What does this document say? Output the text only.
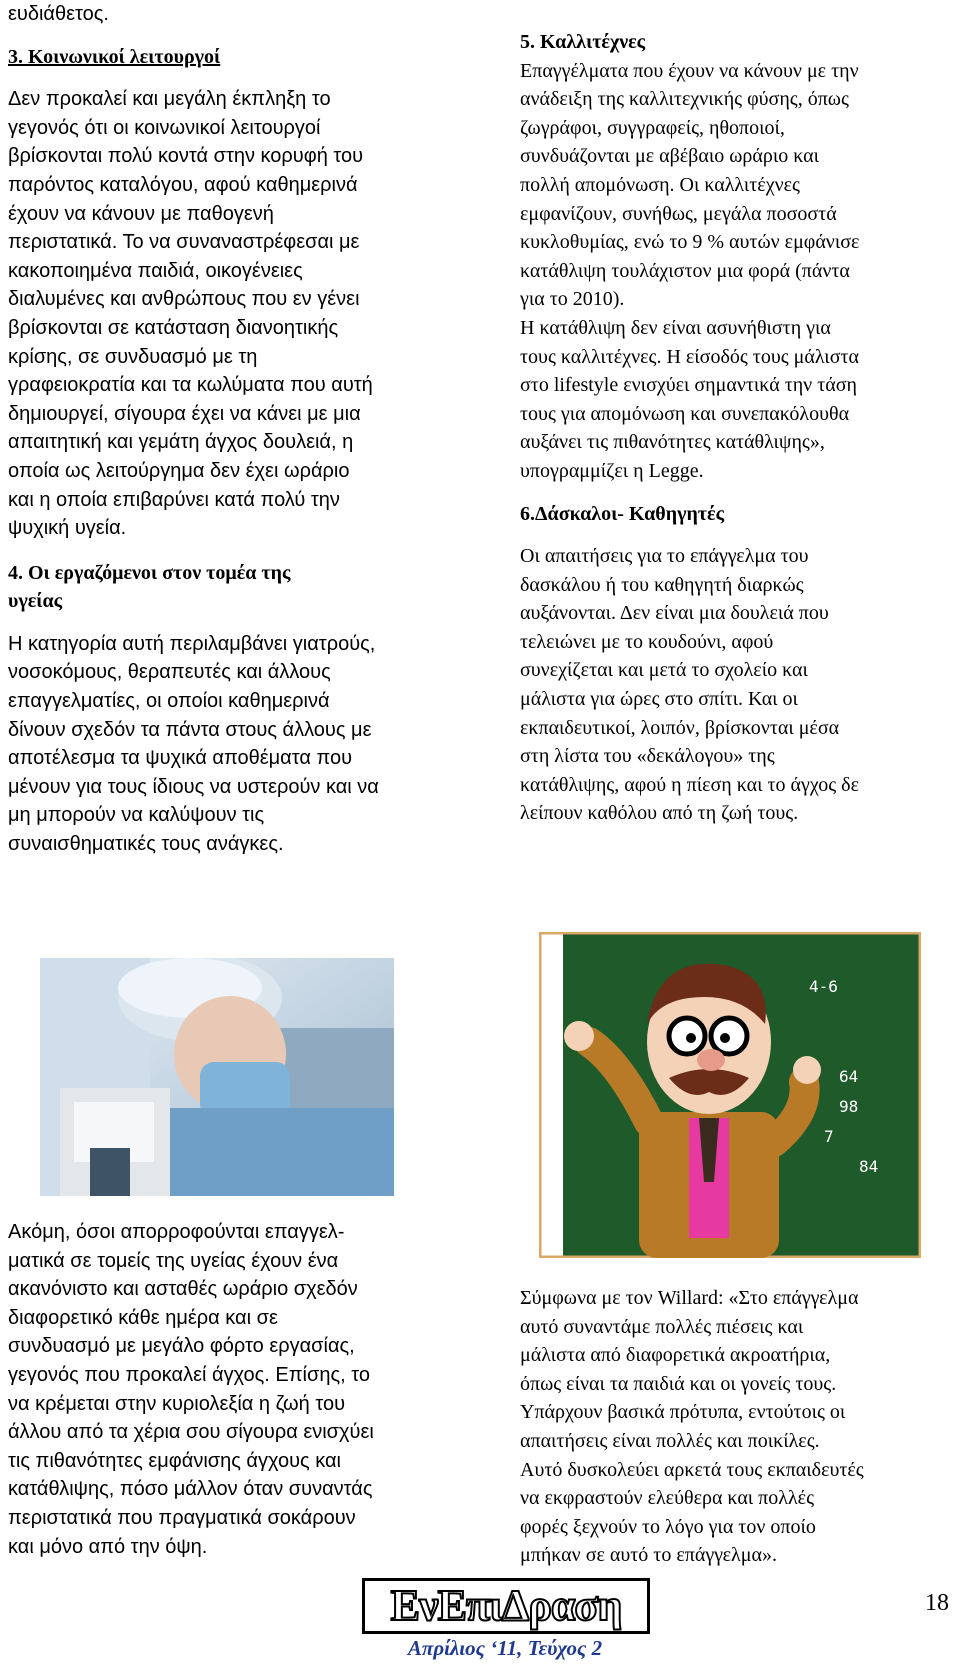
ευδιάθετος.

3. Κοινωνικοί λειτουργοί

Δεν προκαλεί και μεγάλη έκπληξη το

γεγονός ότι οι κοινωνικοί λειτουργοί

βρίσκονται πολύ κοντά στην κορυφή του

παρόντος καταλόγου, αφού καθημερινά

έχουν να κάνουν με παθογενή

περιστατικά. Το να συναναστρέφεσαι με

κακοποιημένα παιδιά, οικογένειες

διαλυμένες και ανθρώπους που εν γένει

βρίσκονται σε κατάσταση διανοητικής

κρίσης, σε συνδυασμό με τη

γραφειοκρατία και τα κωλύματα που αυτή

δημιουργεί, σίγουρα έχει να κάνει με μια

απαιτητική και γεμάτη άγχος δουλειά, η

οποία ως λειτούργημα δεν έχει ωράριο

και η οποία επιβαρύνει κατά πολύ την

ψυχική υγεία.

4. Οι εργαζόμενοι στον τομέα της

υγείας

Η κατηγορία αυτή περιλαμβάνει γιατρούς,

νοσοκόμους, θεραπευτές και άλλους

επαγγελματίες, οι οποίοι καθημερινά

δίνουν σχεδόν τα πάντα στους άλλους με

αποτέλεσμα τα ψυχικά αποθέματα που

μένουν για τους ίδιους να υστερούν και να

μη μπορούν να καλύψουν τις

συναισθηματικές τους ανάγκες.

5. Καλλιτέχνες

Επαγγέλματα που έχουν να κάνουν με την

ανάδειξη της καλλιτεχνικής φύσης, όπως

ζωγράφοι, συγγραφείς, ηθοποιοί,

συνδυάζονται με αβέβαιο ωράριο και

πολλή απομόνωση. Οι καλλιτέχνες

εμφανίζουν, συνήθως, μεγάλα ποσοστά

κυκλοθυμίας, ενώ το 9 % αυτών εμφάνισε

κατάθλιψη τουλάχιστον μια φορά (πάντα

για το 2010).

Η κατάθλιψη δεν είναι ασυνήθιστη για

τους καλλιτέχνες. Η είσοδός τους μάλιστα

στο lifestyle ενισχύει σημαντικά την τάση

τους για απομόνωση και συνεπακόλουθα

αυξάνει τις πιθανότητες κατάθλιψης»,

υπογραμμίζει η Legge.

6.Δάσκαλοι- Καθηγητές

Οι απαιτήσεις για το επάγγελμα του

δασκάλου ή του καθηγητή διαρκώς

αυξάνονται. Δεν είναι μια δουλειά που

τελειώνει με το κουδούνι, αφού

συνεχίζεται και μετά το σχολείο και

μάλιστα για ώρες στο σπίτι. Και οι

εκπαιδευτικοί, λοιπόν, βρίσκονται μέσα

στη λίστα του «δεκάλογου» της

κατάθλιψης, αφού η πίεση και το άγχος δε

λείπουν καθόλου από τη ζωή τους.

4-6
64
98
7
84

Ακόμη, όσοι απορροφούνται επαγγελ-

ματικά σε τομείς της υγείας έχουν ένα

ακανόνιστο και ασταθές ωράριο σχεδόν

διαφορετικό κάθε ημέρα και σε

συνδυασμό με μεγάλο φόρτο εργασίας,

γεγονός που προκαλεί άγχος. Επίσης, το

να κρέμεται στην κυριολεξία η ζωή του

άλλου από τα χέρια σου σίγουρα ενισχύει

τις πιθανότητες εμφάνισης άγχους και

κατάθλιψης, πόσο μάλλον όταν συναντάς

περιστατικά που πραγματικά σοκάρουν

και μόνο από την όψη.

Σύμφωνα με τον Willard: «Στο επάγγελμα

αυτό συναντάμε πολλές πιέσεις και

μάλιστα από διαφορετικά ακροατήρια,

όπως είναι τα παιδιά και οι γονείς τους.

Υπάρχουν βασικά πρότυπα, εντούτοις οι

απαιτήσεις είναι πολλές και ποικίλες.

Αυτό δυσκολεύει αρκετά τους εκπαιδευτές

να εκφραστούν ελεύθερα και πολλές

φορές ξεχνούν το λόγο για τον οποίο

μπήκαν σε αυτό το επάγγελμα».

ΕνΕπιΔραση
Απρίλιος ‘11, Τεύχος 2
18
